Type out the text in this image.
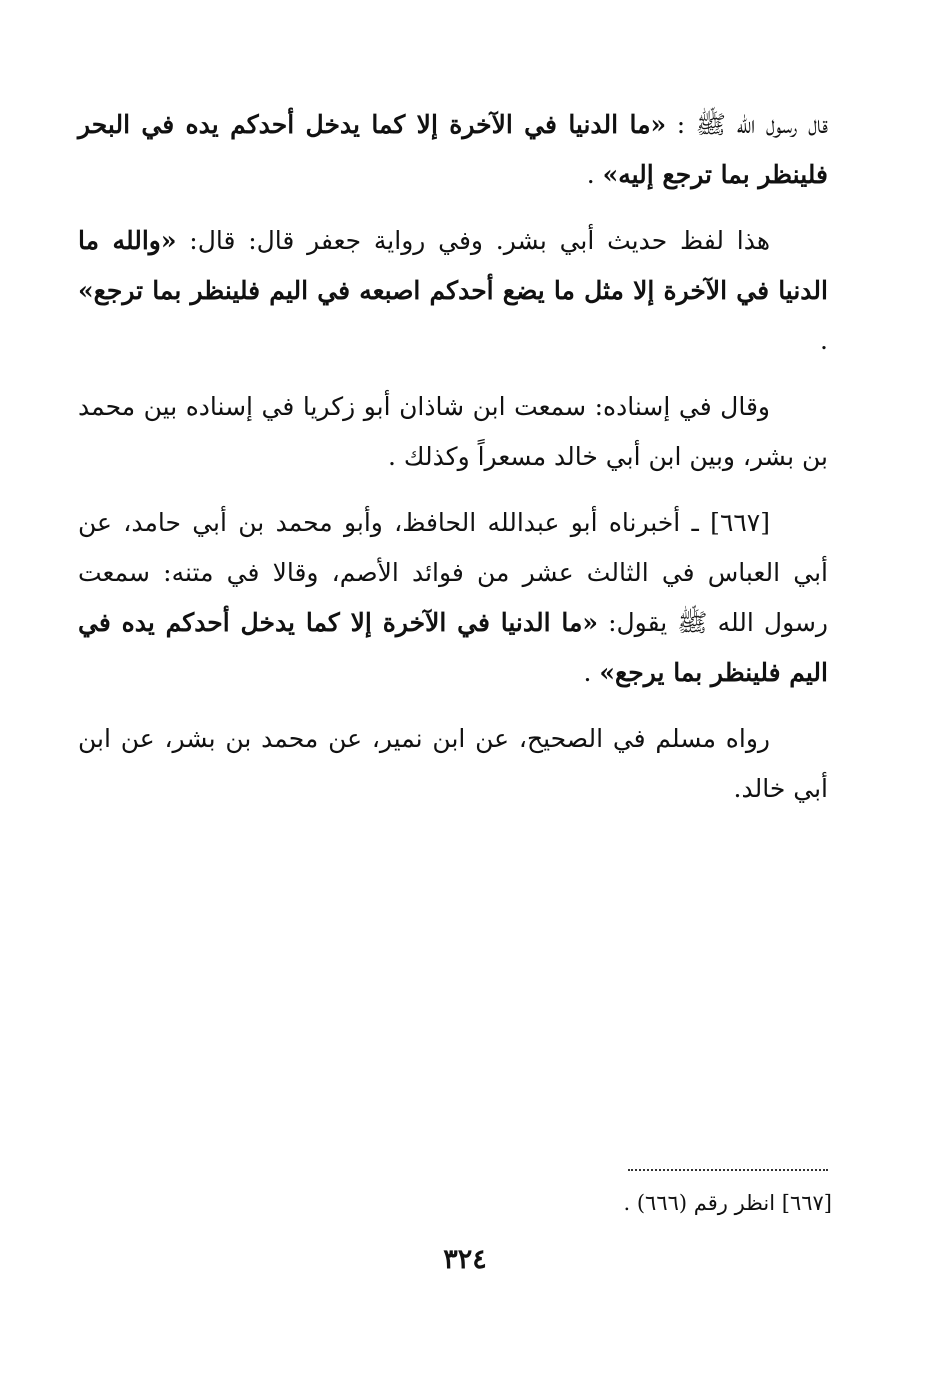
قال رسول الله ﷺ : «ما الدنيا في الآخرة إلا كما يدخل أحدكم يده في البحر فلينظر بما ترجع إليه» .

هذا لفظ حديث أبي بشر. وفي رواية جعفر قال: قال: «والله ما الدنيا في الآخرة إلا مثل ما يضع أحدكم اصبعه في اليم فلينظر بما ترجع» .

وقال في إسناده: سمعت ابن شاذان أبو زكريا في إسناده بين محمد بن بشر، وبين ابن أبي خالد مسعراً وكذلك .

[٦٦٧] ـ أخبرناه أبو عبدالله الحافظ، وأبو محمد بن أبي حامد، عن أبي العباس في الثالث عشر من فوائد الأصم، وقالا في متنه: سمعت رسول الله ﷺ يقول: «ما الدنيا في الآخرة إلا كما يدخل أحدكم يده في اليم فلينظر بما يرجع» .

رواه مسلم في الصحيح، عن ابن نمير، عن محمد بن بشر، عن ابن أبي خالد.

[٦٦٧] انظر رقم (٦٦٦) .
٣٢٤
